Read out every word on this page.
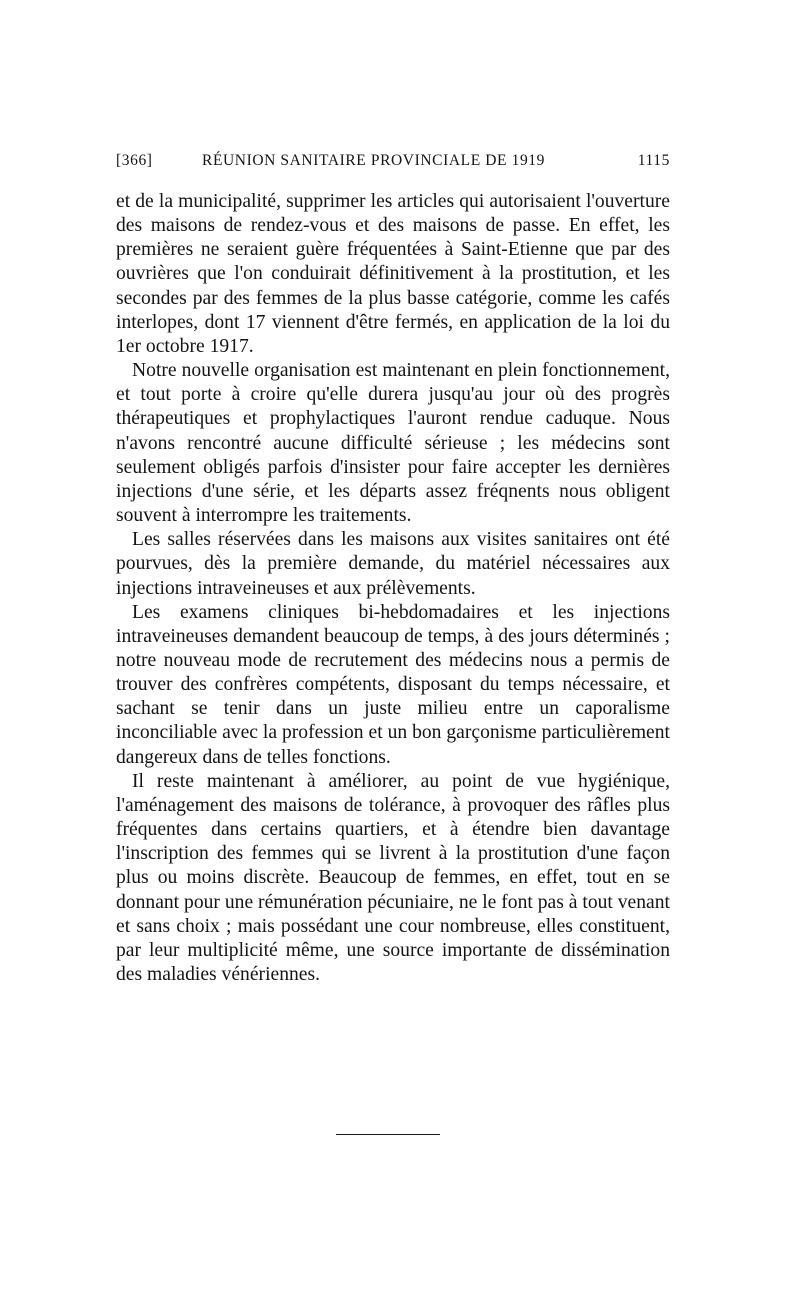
[366]	RÉUNION SANITAIRE PROVINCIALE DE 1919	1115

et de la municipalité, supprimer les articles qui autorisaient l'ouverture des maisons de rendez-vous et des maisons de passe. En effet, les premières ne seraient guère fréquentées à Saint-Etienne que par des ouvrières que l'on conduirait définitivement à la prostitution, et les secondes par des femmes de la plus basse catégorie, comme les cafés interlopes, dont 17 viennent d'être fermés, en application de la loi du 1er octobre 1917.

Notre nouvelle organisation est maintenant en plein fonctionnement, et tout porte à croire qu'elle durera jusqu'au jour où des progrès thérapeutiques et prophylactiques l'auront rendue caduque. Nous n'avons rencontré aucune difficulté sérieuse ; les médecins sont seulement obligés parfois d'insister pour faire accepter les dernières injections d'une série, et les départs assez fréqnents nous obligent souvent à interrompre les traitements.

Les salles réservées dans les maisons aux visites sanitaires ont été pourvues, dès la première demande, du matériel nécessaires aux injections intraveineuses et aux prélèvements.

Les examens cliniques bi-hebdomadaires et les injections intraveineuses demandent beaucoup de temps, à des jours déterminés ; notre nouveau mode de recrutement des médecins nous a permis de trouver des confrères compétents, disposant du temps nécessaire, et sachant se tenir dans un juste milieu entre un caporalisme inconciliable avec la profession et un bon garçonisme particulièrement dangereux dans de telles fonctions.

Il reste maintenant à améliorer, au point de vue hygiénique, l'aménagement des maisons de tolérance, à provoquer des râfles plus fréquentes dans certains quartiers, et à étendre bien davantage l'inscription des femmes qui se livrent à la prostitution d'une façon plus ou moins discrète. Beaucoup de femmes, en effet, tout en se donnant pour une rémunération pécuniaire, ne le font pas à tout venant et sans choix ; mais possédant une cour nombreuse, elles constituent, par leur multiplicité même, une source importante de dissémination des maladies vénériennes.
